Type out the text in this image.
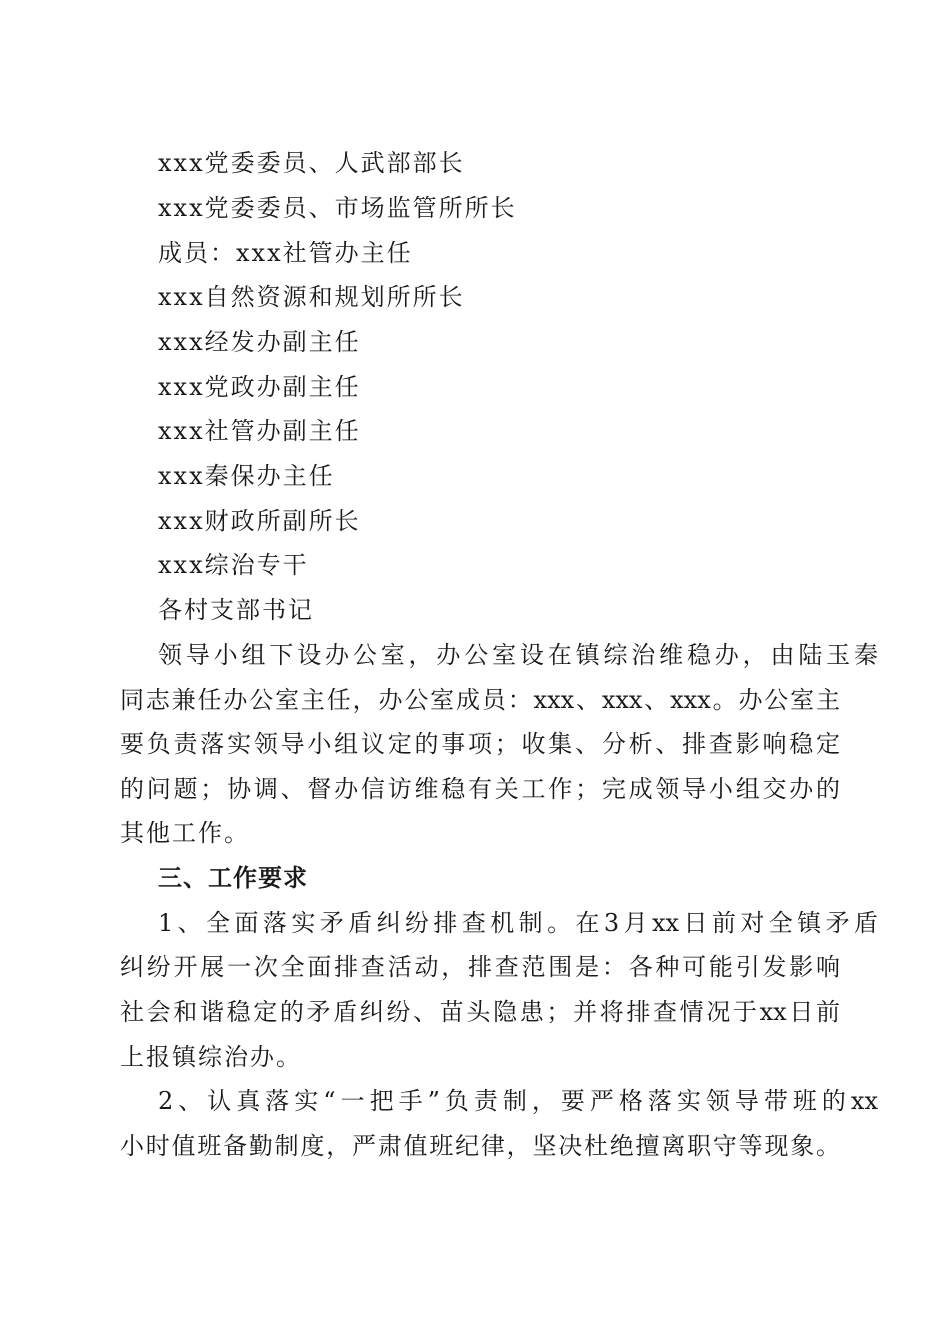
xxx党委委员、人武部部长
xxx党委委员、市场监管所所长
成员：xxx社管办主任
xxx自然资源和规划所所长
xxx经发办副主任
xxx党政办副主任
xxx社管办副主任
xxx秦保办主任
xxx财政所副所长
xxx综治专干
各村支部书记
领导小组下设办公室，办公室设在镇综治维稳办，由陆玉秦
同志兼任办公室主任，办公室成员：xxx、xxx、xxx。办公室主
要负责落实领导小组议定的事项；收集、分析、排查影响稳定
的问题；协调、督办信访维稳有关工作；完成领导小组交办的
其他工作。
三、工作要求
1、全面落实矛盾纠纷排查机制。在3月xx日前对全镇矛盾
纠纷开展一次全面排查活动，排查范围是：各种可能引发影响
社会和谐稳定的矛盾纠纷、苗头隐患；并将排查情况于xx日前
上报镇综治办。
2、认真落实“一把手”负责制，要严格落实领导带班的xx
小时值班备勤制度，严肃值班纪律，坚决杜绝擅离职守等现象。
